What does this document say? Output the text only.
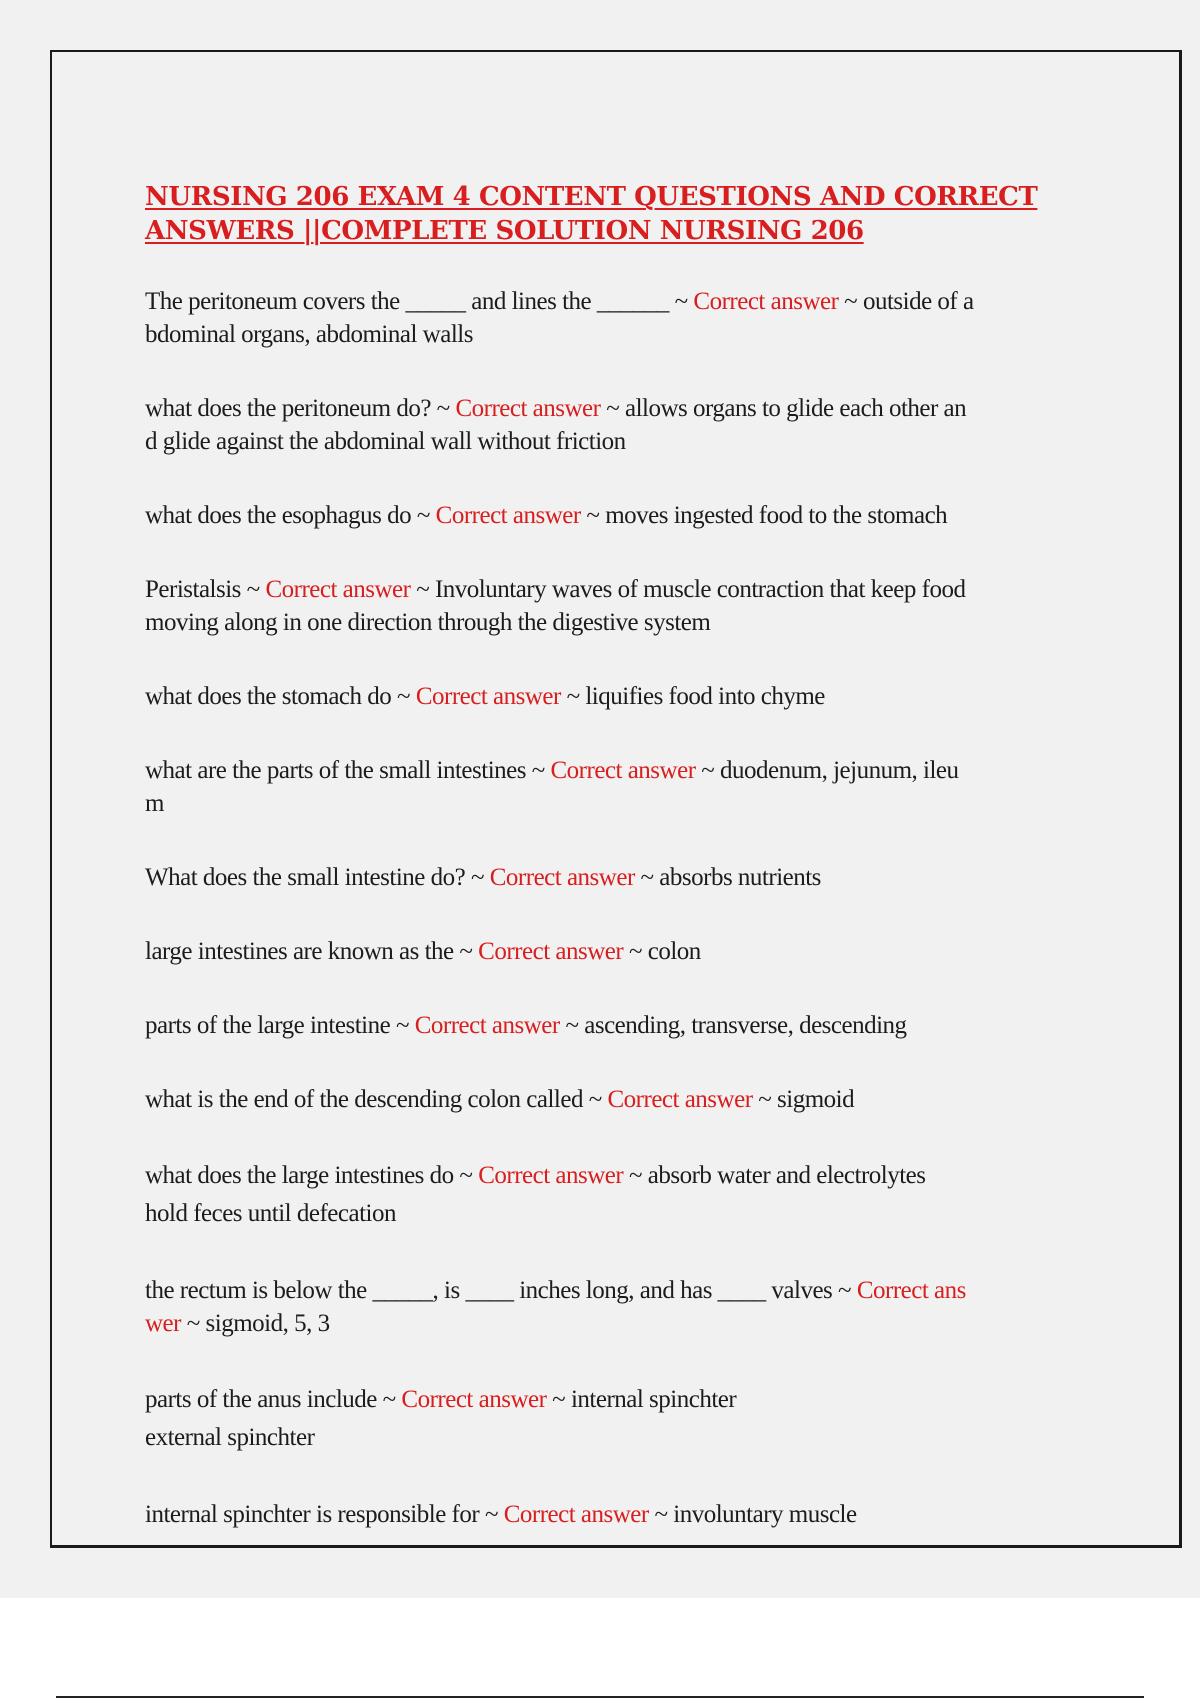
NURSING 206 EXAM 4 CONTENT QUESTIONS AND CORRECT
ANSWERS ||COMPLETE SOLUTION NURSING 206

The peritoneum covers the _____ and lines the ______ ~ Correct answer ~ outside of a
bdominal organs, abdominal walls

what does the peritoneum do? ~ Correct answer ~ allows organs to glide each other an
d glide against the abdominal wall without friction

what does the esophagus do ~ Correct answer ~ moves ingested food to the stomach

Peristalsis ~ Correct answer ~ Involuntary waves of muscle contraction that keep food
moving along in one direction through the digestive system

what does the stomach do ~ Correct answer ~ liquifies food into chyme

what are the parts of the small intestines ~ Correct answer ~ duodenum, jejunum, ileu
m

What does the small intestine do? ~ Correct answer ~ absorbs nutrients

large intestines are known as the ~ Correct answer ~ colon

parts of the large intestine ~ Correct answer ~ ascending, transverse, descending

what is the end of the descending colon called ~ Correct answer ~ sigmoid

what does the large intestines do ~ Correct answer ~ absorb water and electrolytes
hold feces until defecation

the rectum is below the _____, is ____ inches long, and has ____ valves ~ Correct ans
wer ~ sigmoid, 5, 3

parts of the anus include ~ Correct answer ~ internal spinchter
external spinchter

internal spinchter is responsible for ~ Correct answer ~ involuntary muscle
